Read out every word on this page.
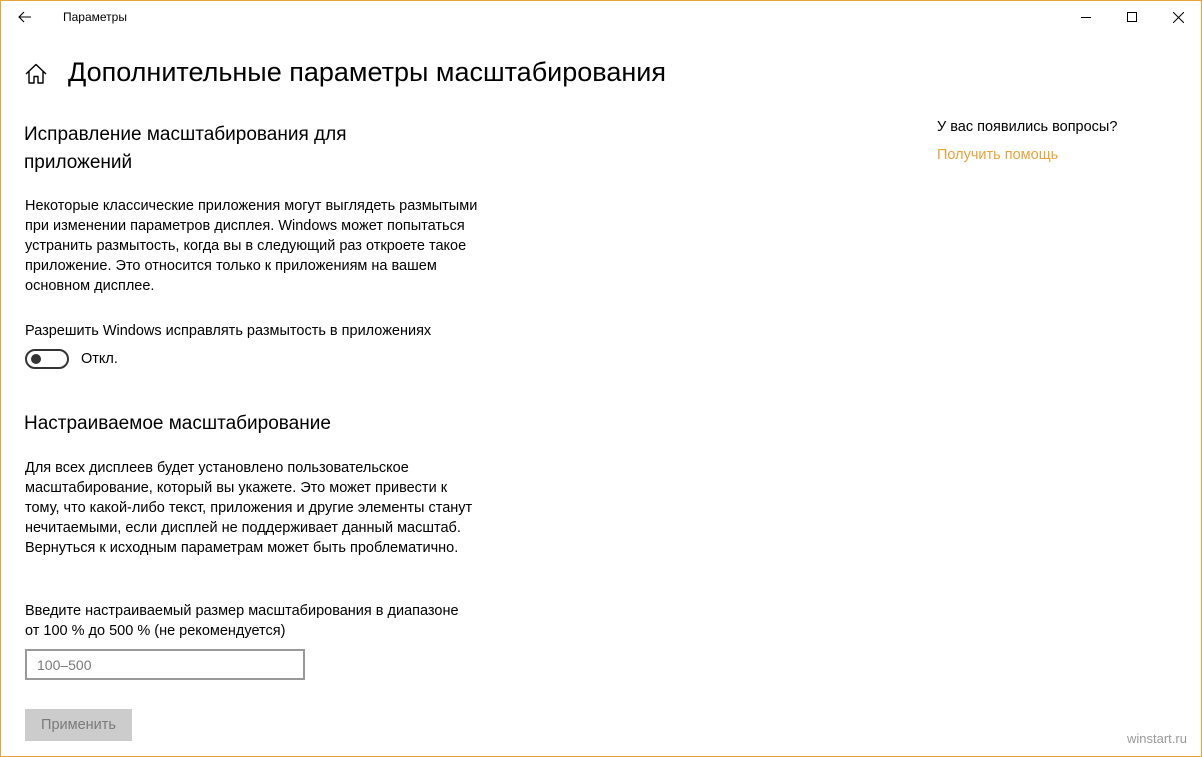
Параметры
Дополнительные параметры масштабирования
Исправление масштабирования для приложений

Некоторые классические приложения могут выглядеть размытыми при изменении параметров дисплея. Windows может попытаться устранить размытость, когда вы в следующий раз откроете такое приложение. Это относится только к приложениям на вашем основном дисплее.

Разрешить Windows исправлять размытость в приложениях

Откл.
Настраиваемое масштабирование

Для всех дисплеев будет установлено пользовательское масштабирование, который вы укажете. Это может привести к тому, что какой-либо текст, приложения и другие элементы станут нечитаемыми, если дисплей не поддерживает данный масштаб. Вернуться к исходным параметрам может быть проблематично.

Введите настраиваемый размер масштабирования в диапазоне от 100 % до 500 % (не рекомендуется)

100–500
Применить
У вас появились вопросы?
Получить помощь
winstart.ru
